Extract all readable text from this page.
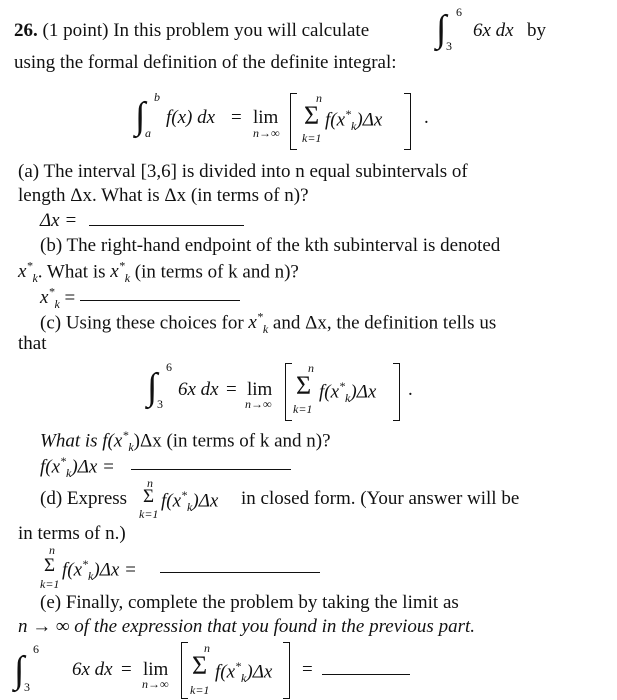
26. (1 point) In this problem you will calculate ∫ 6
3
6x dx by
using the formal definition of the definite integral:
∫ b
a
f(x) dx = lim
n→∞
n
Σ
k=1
$f(x^*_k)\Delta x$ .
(a) The interval [3,6] is divided into n equal subintervals of
length Δx. What is Δx (in terms of n)?
Δx =
(b) The right-hand endpoint of the kth subinterval is denoted
$x^*_k$. What is $x^*_k$ (in terms of k and n)?
$x^*_k$ =
(c) Using these choices for $x^*_k$ and Δx, the definition tells us
that
∫ 6
3
6x dx = lim
n→∞
n
Σ
k=1
$f(x^*_k)\Delta x$ .
What is $f(x^*_k)\Delta x$ (in terms of k and n)?
$f(x^*_k)\Delta x$ =
(d) Express
n
Σ
k=1
$f(x^*_k)\Delta x$ in closed form. (Your answer will be
in terms of n.)
n
Σ
k=1
$f(x^*_k)\Delta x$ =
(e) Finally, complete the problem by taking the limit as
n → ∞ of the expression that you found in the previous part.
∫ 6
3
6x dx = lim
n→∞
n
Σ
k=1
$f(x^*_k)\Delta x$ =
